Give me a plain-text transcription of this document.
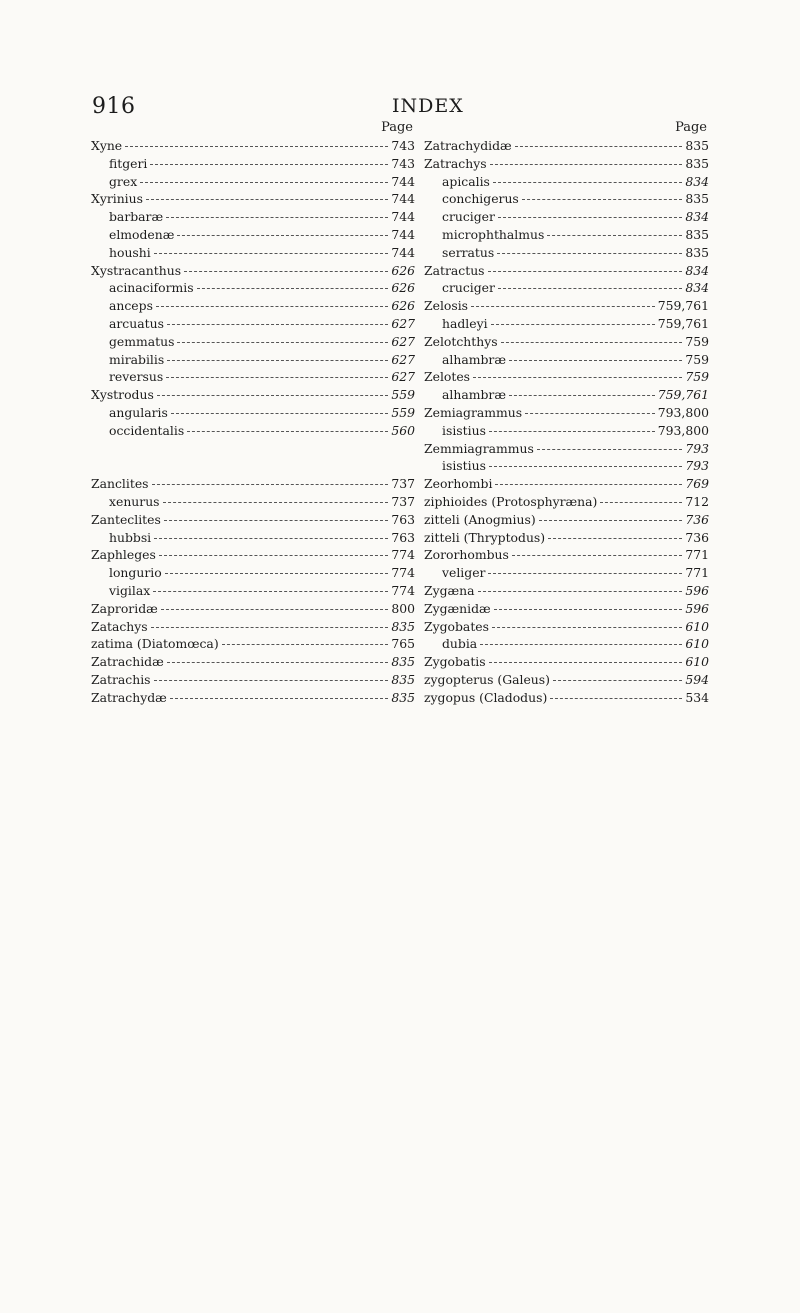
916	INDEX
Page
Xyne	743
fitgeri	743
grex	744
Xyrinius	744
barbaræ	744
elmodenæ	744
houshi	744
Xystracanthus	626
acinaciformis	626
anceps	626
arcuatus	627
gemmatus	627
mirabilis	627
reversus	627
Xystrodus	559
angularis	559
occidentalis	560
Zanclites	737
xenurus	737
Zanteclites	763
hubbsi	763
Zaphleges	774
longurio	774
vigilax	774
Zaproridæ	800
Zatachys	835
zatima (Diatomœca)	765
Zatrachidæ	835
Zatrachis	835
Zatrachydæ	835
Page
Zatrachydidæ	835
Zatrachys	835
apicalis	834
conchigerus	835
cruciger	834
microphthalmus	835
serratus	835
Zatractus	834
cruciger	834
Zelosis	759,761
hadleyi	759,761
Zelotchthys	759
alhambræ	759
Zelotes	759
alhambræ	759,761
Zemiagrammus	793,800
isistius	793,800
Zemmiagrammus	793
isistius	793
Zeorhombi	769
ziphioides (Protosphyræna)	712
zitteli (Anogmius)	736
zitteli (Thryptodus)	736
Zororhombus	771
veliger	771
Zygæna	596
Zygænidæ	596
Zygobates	610
dubia	610
Zygobatis	610
zygopterus (Galeus)	594
zygopus (Cladodus)	534
